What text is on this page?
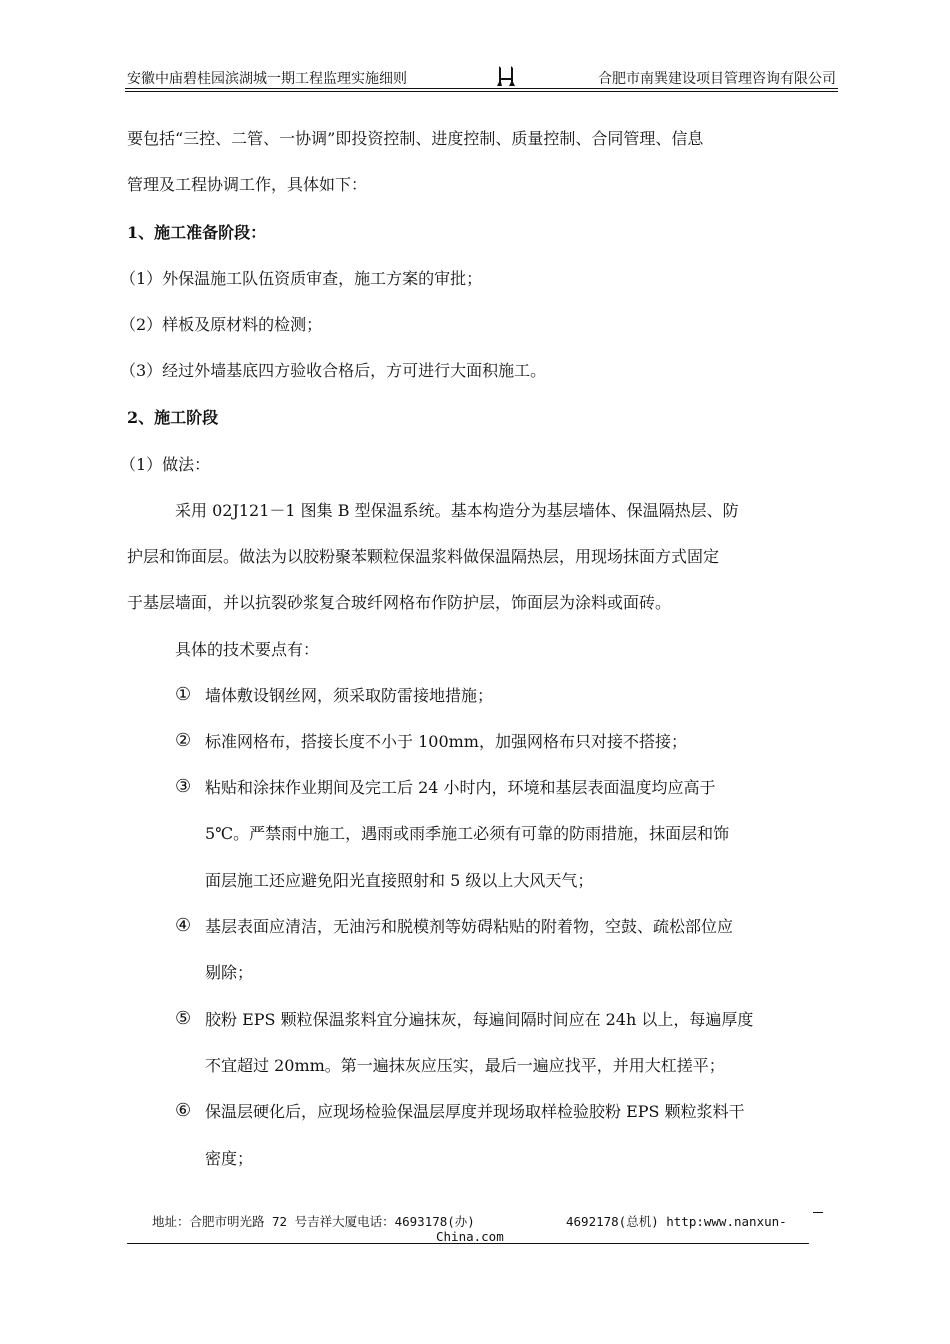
安徽中庙碧桂园滨湖城一期工程监理实施细则	合肥市南巽建设项目管理咨询有限公司
要包括“三控、二管、一协调”即投资控制、进度控制、质量控制、合同管理、信息
管理及工程协调工作，具体如下：
1、施工准备阶段：
（1）外保温施工队伍资质审查，施工方案的审批；
（2）样板及原材料的检测；
（3）经过外墙基底四方验收合格后，方可进行大面积施工。
2、施工阶段
（1）做法：
采用 02J121－1 图集 B 型保温系统。基本构造分为基层墙体、保温隔热层、防
护层和饰面层。做法为以胶粉聚苯颗粒保温浆料做保温隔热层，用现场抹面方式固定
于基层墙面，并以抗裂砂浆复合玻纤网格布作防护层，饰面层为涂料或面砖。
具体的技术要点有：
① 墙体敷设钢丝网，须采取防雷接地措施；
② 标准网格布，搭接长度不小于 100mm，加强网格布只对接不搭接；
③ 粘贴和涂抹作业期间及完工后 24 小时内，环境和基层表面温度均应高于
5℃。严禁雨中施工，遇雨或雨季施工必须有可靠的防雨措施，抹面层和饰
面层施工还应避免阳光直接照射和 5 级以上大风天气；
④ 基层表面应清洁，无油污和脱模剂等妨碍粘贴的附着物，空鼓、疏松部位应
剔除；
⑤ 胶粉 EPS 颗粒保温浆料宜分遍抹灰，每遍间隔时间应在 24h 以上，每遍厚度
不宜超过 20mm。第一遍抹灰应压实，最后一遍应找平，并用大杠搓平；
⑥ 保温层硬化后，应现场检验保温层厚度并现场取样检验胶粉 EPS 颗粒浆料干
密度；
地址：合肥市明光路 72 号吉祥大厦电话：4693178(办)	4692178(总机) http:www.nanxun-
China.com
